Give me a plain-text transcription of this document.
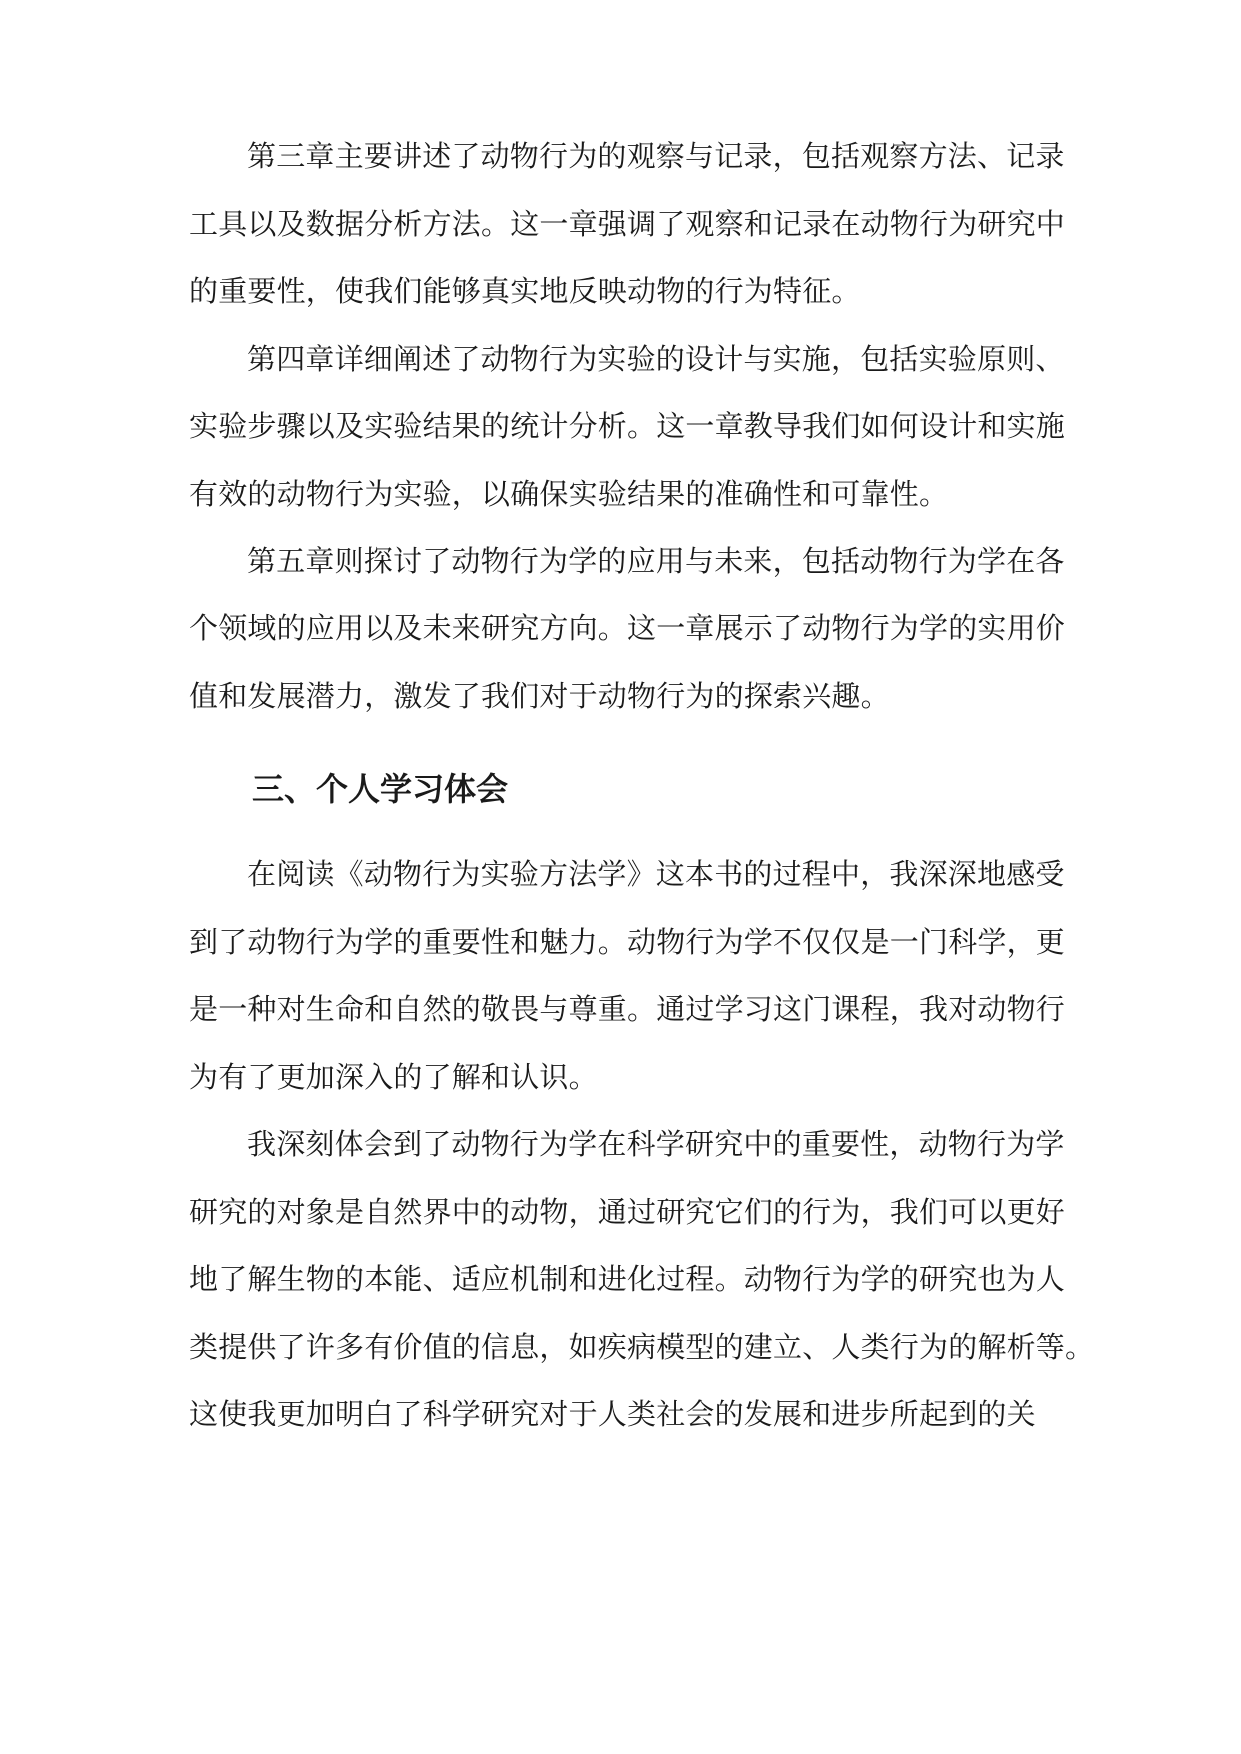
第三章主要讲述了动物行为的观察与记录，包括观察方法、记录
工具以及数据分析方法。这一章强调了观察和记录在动物行为研究中
的重要性，使我们能够真实地反映动物的行为特征。
第四章详细阐述了动物行为实验的设计与实施，包括实验原则、
实验步骤以及实验结果的统计分析。这一章教导我们如何设计和实施
有效的动物行为实验，以确保实验结果的准确性和可靠性。
第五章则探讨了动物行为学的应用与未来，包括动物行为学在各
个领域的应用以及未来研究方向。这一章展示了动物行为学的实用价
值和发展潜力，激发了我们对于动物行为的探索兴趣。
三、个人学习体会
在阅读《动物行为实验方法学》这本书的过程中，我深深地感受
到了动物行为学的重要性和魅力。动物行为学不仅仅是一门科学，更
是一种对生命和自然的敬畏与尊重。通过学习这门课程，我对动物行
为有了更加深入的了解和认识。
我深刻体会到了动物行为学在科学研究中的重要性，动物行为学
研究的对象是自然界中的动物，通过研究它们的行为，我们可以更好
地了解生物的本能、适应机制和进化过程。动物行为学的研究也为人
类提供了许多有价值的信息，如疾病模型的建立、人类行为的解析等。
这使我更加明白了科学研究对于人类社会的发展和进步所起到的关
